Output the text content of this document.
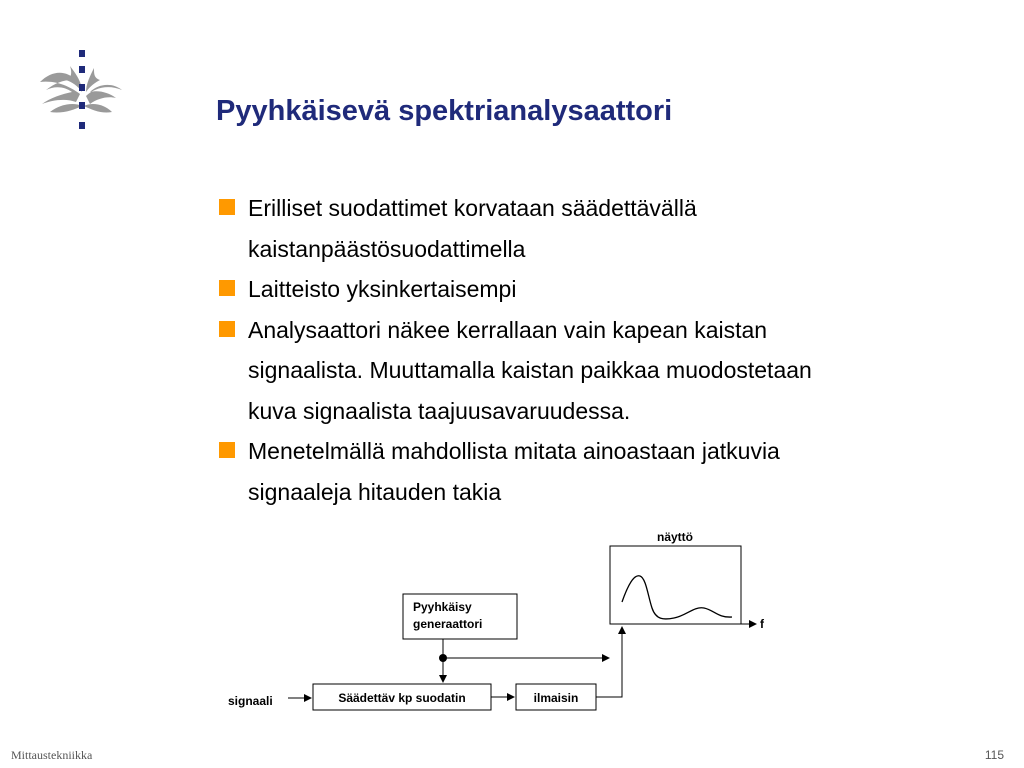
Pyyhkäisevä spektrianalysaattori
Erilliset suodattimet korvataan säädettävällä
kaistanpäästösuodattimella
Laitteisto yksinkertaisempi
Analysaattori näkee kerrallaan vain kapean kaistan
signaalista. Muuttamalla kaistan paikkaa muodostetaan
kuva signaalista taajuusavaruudessa.
Menetelmällä mahdollista mitata ainoastaan jatkuvia
signaaleja hitauden takia
näyttö
f
Pyyhkäisy
generaattori
Säädettäv kp suodatin	ilmaisin
signaali
Mittaustekniikka	115
